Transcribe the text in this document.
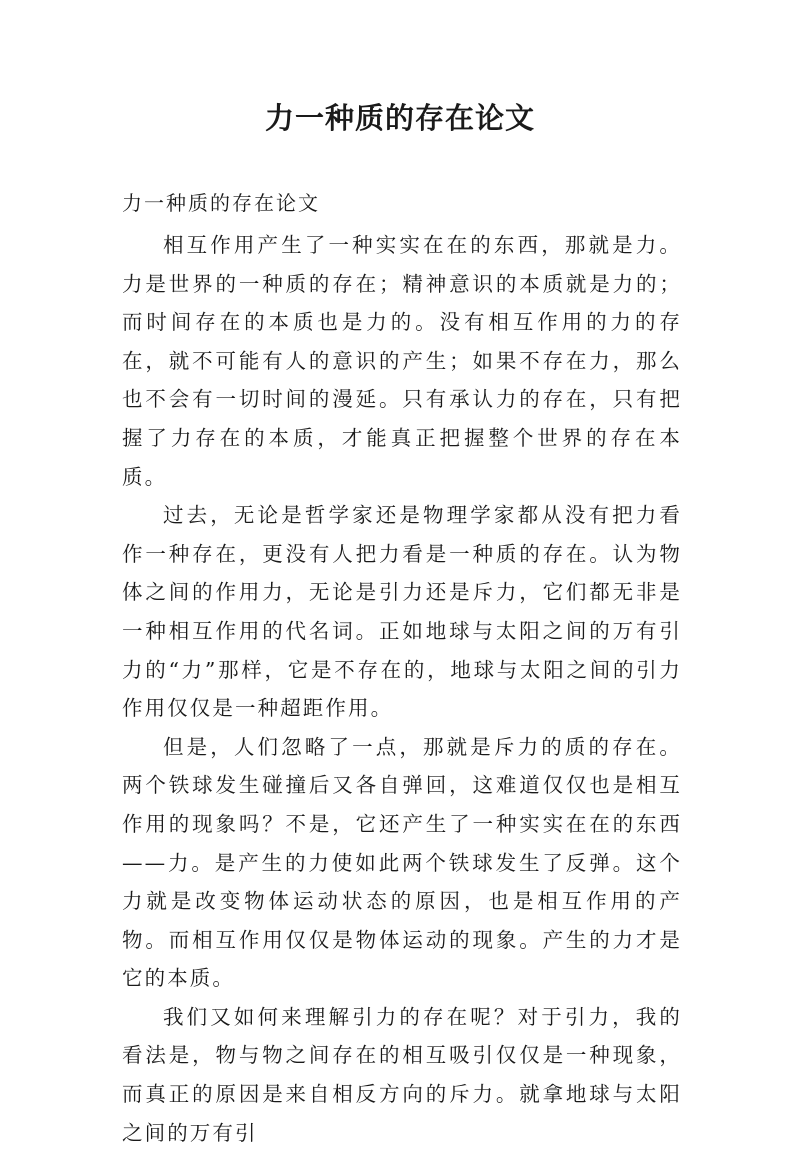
力一种质的存在论文

力一种质的存在论文

相互作用产生了一种实实在在的东西，那就是力。力是世界的一种质的存在；精神意识的本质就是力的；而时间存在的本质也是力的。没有相互作用的力的存在，就不可能有人的意识的产生；如果不存在力，那么也不会有一切时间的漫延。只有承认力的存在，只有把握了力存在的本质，才能真正把握整个世界的存在本质。

过去，无论是哲学家还是物理学家都从没有把力看作一种存在，更没有人把力看是一种质的存在。认为物体之间的作用力，无论是引力还是斥力，它们都无非是一种相互作用的代名词。正如地球与太阳之间的万有引力的“力”那样，它是不存在的，地球与太阳之间的引力作用仅仅是一种超距作用。

但是，人们忽略了一点，那就是斥力的质的存在。两个铁球发生碰撞后又各自弹回，这难道仅仅也是相互作用的现象吗？不是，它还产生了一种实实在在的东西——力。是产生的力使如此两个铁球发生了反弹。这个力就是改变物体运动状态的原因，也是相互作用的产物。而相互作用仅仅是物体运动的现象。产生的力才是它的本质。

我们又如何来理解引力的存在呢？对于引力，我的看法是，物与物之间存在的相互吸引仅仅是一种现象，而真正的原因是来自相反方向的斥力。就拿地球与太阳之间的万有引
